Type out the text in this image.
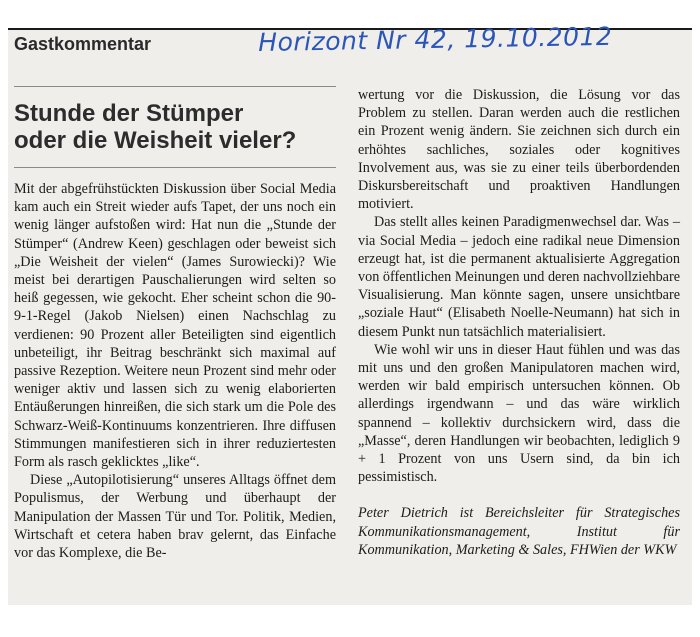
Gastkommentar	Horizont Nr 42, 19.10.2012
Stunde der Stümper
oder die Weisheit vieler?

Mit der abgefrühstückten Diskussion über Social Media kam auch ein Streit wieder aufs Tapet, der uns noch ein wenig länger aufstoßen wird: Hat nun die „Stunde der Stümper“ (Andrew Keen) geschlagen oder beweist sich „Die Weisheit der vielen“ (James Surowiecki)? Wie meist bei derartigen Pauschalierungen wird selten so heiß gegessen, wie gekocht. Eher scheint schon die 90-9-1-Regel (Jakob Nielsen) einen Nachschlag zu verdienen: 90 Prozent aller Beteiligten sind eigentlich unbeteiligt, ihr Beitrag beschränkt sich maximal auf passive Rezeption. Weitere neun Prozent sind mehr oder weniger aktiv und lassen sich zu wenig elaborierten Entäußerungen hinreißen, die sich stark um die Pole des Schwarz-Weiß-Kontinuums konzentrieren. Ihre diffusen Stimmungen manifestieren sich in ihrer reduziertesten Form als rasch geklicktes „like“.

Diese „Autopilotisierung“ unseres Alltags öffnet dem Populismus, der Werbung und überhaupt der Manipulation der Massen Tür und Tor. Politik, Medien, Wirtschaft et cetera haben brav gelernt, das Einfache vor das Komplexe, die Be-

wertung vor die Diskussion, die Lösung vor das Problem zu stellen. Daran werden auch die restlichen ein Prozent wenig ändern. Sie zeichnen sich durch ein erhöhtes sachliches, soziales oder kognitives Involvement aus, was sie zu einer teils überbordenden Diskursbereitschaft und proaktiven Handlungen motiviert.

Das stellt alles keinen Paradigmenwechsel dar. Was – via Social Media – jedoch eine radikal neue Dimension erzeugt hat, ist die permanent aktualisierte Aggregation von öffentlichen Meinungen und deren nachvollziehbare Visualisierung. Man könnte sagen, unsere unsichtbare „soziale Haut“ (Elisabeth Noelle-Neumann) hat sich in diesem Punkt nun tatsächlich materialisiert.

Wie wohl wir uns in dieser Haut fühlen und was das mit uns und den großen Manipulatoren machen wird, werden wir bald empirisch untersuchen können. Ob allerdings irgendwann – und das wäre wirklich spannend – kollektiv durchsickern wird, dass die „Masse“, deren Handlungen wir beobachten, lediglich 9 + 1 Prozent von uns Usern sind, da bin ich pessimistisch.

Peter Dietrich ist Bereichsleiter für Strategisches Kommunikationsmanagement, Institut für Kommunikation, Marketing & Sales, FHWien der WKW
